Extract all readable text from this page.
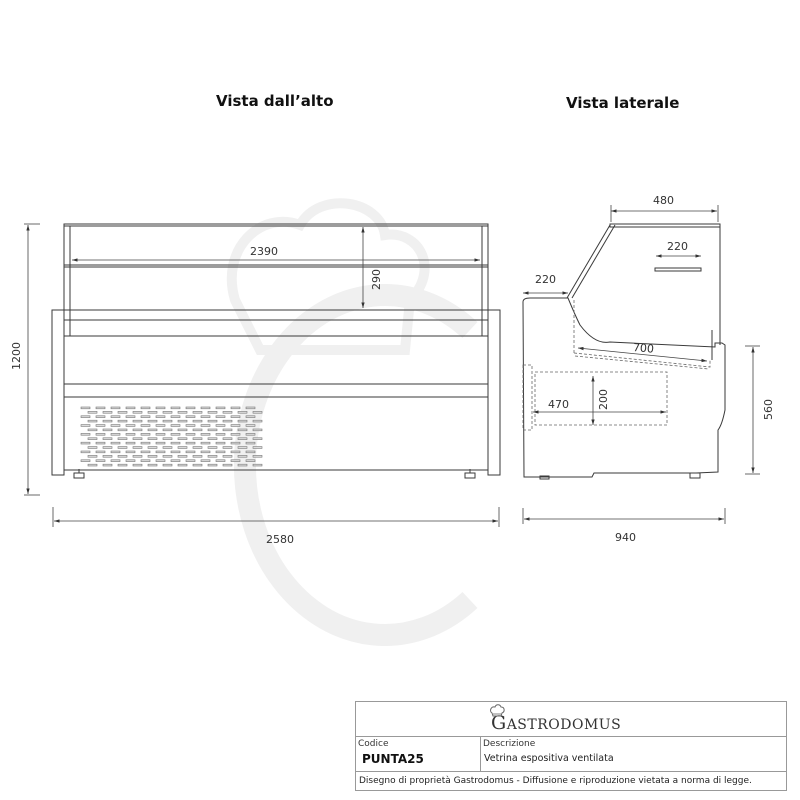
Vista dall’alto	Vista laterale
2390
290
1200
2580
480
220
220
700
470	200	560
940
GASTRODOMUS
Codice
PUNTA25
Descrizione
Vetrina espositiva ventilata
Disegno di proprietà Gastrodomus - Diffusione e riproduzione vietata a norma di legge.
